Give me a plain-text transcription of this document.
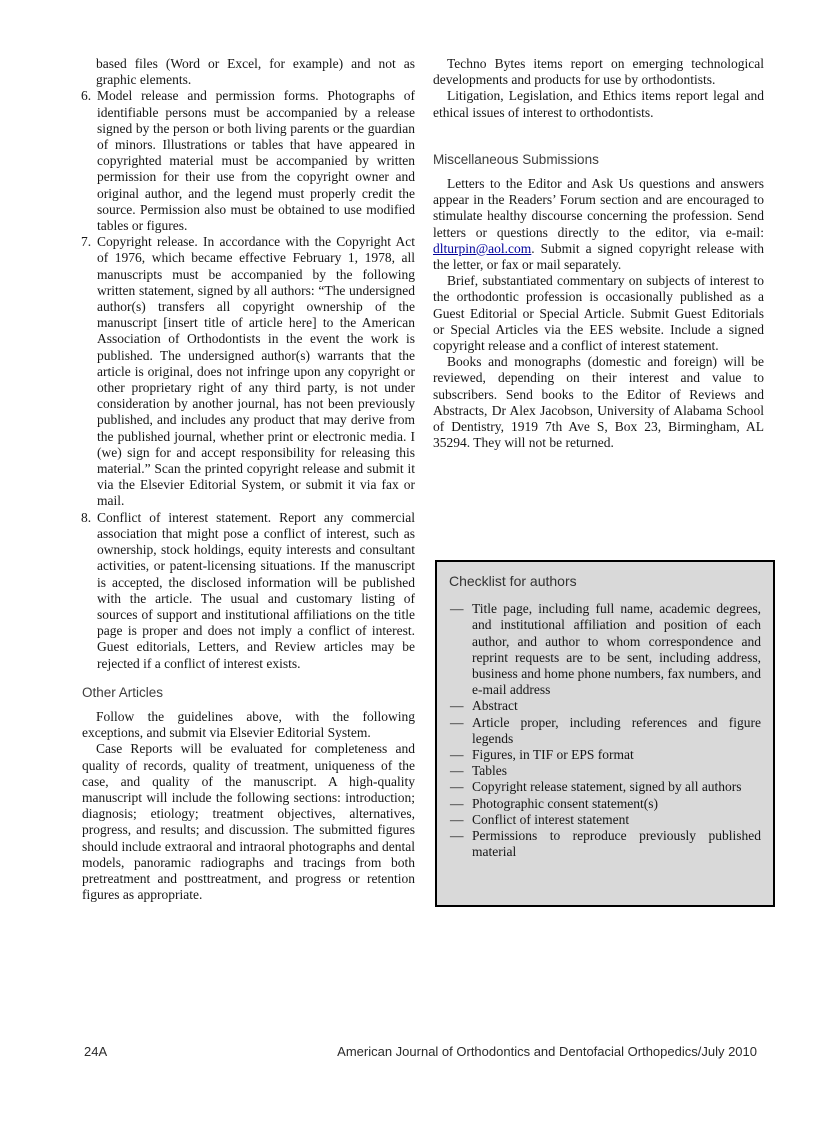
based files (Word or Excel, for example) and not as graphic elements.

6. Model release and permission forms. Photographs of identifiable persons must be accompanied by a release signed by the person or both living parents or the guardian of minors. Illustrations or tables that have appeared in copyrighted material must be accompanied by written permission for their use from the copyright owner and original author, and the legend must properly credit the source. Permission also must be obtained to use modified tables or figures.
7. Copyright release. In accordance with the Copyright Act of 1976, which became effective February 1, 1978, all manuscripts must be accompanied by the following written statement, signed by all authors: “The undersigned author(s) transfers all copyright ownership of the manuscript [insert title of article here] to the American Association of Orthodontists in the event the work is published. The undersigned author(s) warrants that the article is original, does not infringe upon any copyright or other proprietary right of any third party, is not under consideration by another journal, has not been previously published, and includes any product that may derive from the published journal, whether print or electronic media. I (we) sign for and accept responsibility for releasing this material.” Scan the printed copyright release and submit it via the Elsevier Editorial System, or submit it via fax or mail.
8. Conflict of interest statement. Report any commercial association that might pose a conflict of interest, such as ownership, stock holdings, equity interests and consultant activities, or patent-licensing situations. If the manuscript is accepted, the disclosed information will be published with the article. The usual and customary listing of sources of support and institutional affiliations on the title page is proper and does not imply a conflict of interest. Guest editorials, Letters, and Review articles may be rejected if a conflict of interest exists.
Other Articles

Follow the guidelines above, with the following exceptions, and submit via Elsevier Editorial System.

Case Reports will be evaluated for completeness and quality of records, quality of treatment, uniqueness of the case, and quality of the manuscript. A high-quality manuscript will include the following sections: introduction; diagnosis; etiology; treatment objectives, alternatives, progress, and results; and discussion. The submitted figures should include extraoral and intraoral photographs and dental models, panoramic radiographs and tracings from both pretreatment and posttreatment, and progress or retention figures as appropriate.

Techno Bytes items report on emerging technological developments and products for use by orthodontists.

Litigation, Legislation, and Ethics items report legal and ethical issues of interest to orthodontists.

Miscellaneous Submissions

Letters to the Editor and Ask Us questions and answers appear in the Readers’ Forum section and are encouraged to stimulate healthy discourse concerning the profession. Send letters or questions directly to the editor, via e-mail: dlturpin@aol.com. Submit a signed copyright release with the letter, or fax or mail separately.

Brief, substantiated commentary on subjects of interest to the orthodontic profession is occasionally published as a Guest Editorial or Special Article. Submit Guest Editorials or Special Articles via the EES website. Include a signed copyright release and a conflict of interest statement.

Books and monographs (domestic and foreign) will be reviewed, depending on their interest and value to subscribers. Send books to the Editor of Reviews and Abstracts, Dr Alex Jacobson, University of Alabama School of Dentistry, 1919 7th Ave S, Box 23, Birmingham, AL 35294. They will not be returned.

Checklist for authors
— Title page, including full name, academic degrees, and institutional affiliation and position of each author, and author to whom correspondence and reprint requests are to be sent, including address, business and home phone numbers, fax numbers, and e-mail address
— Abstract
— Article proper, including references and figure legends
— Figures, in TIF or EPS format
— Tables
— Copyright release statement, signed by all authors
— Photographic consent statement(s)
— Conflict of interest statement
— Permissions to reproduce previously published material
24A	American Journal of Orthodontics and Dentofacial Orthopedics/July 2010
